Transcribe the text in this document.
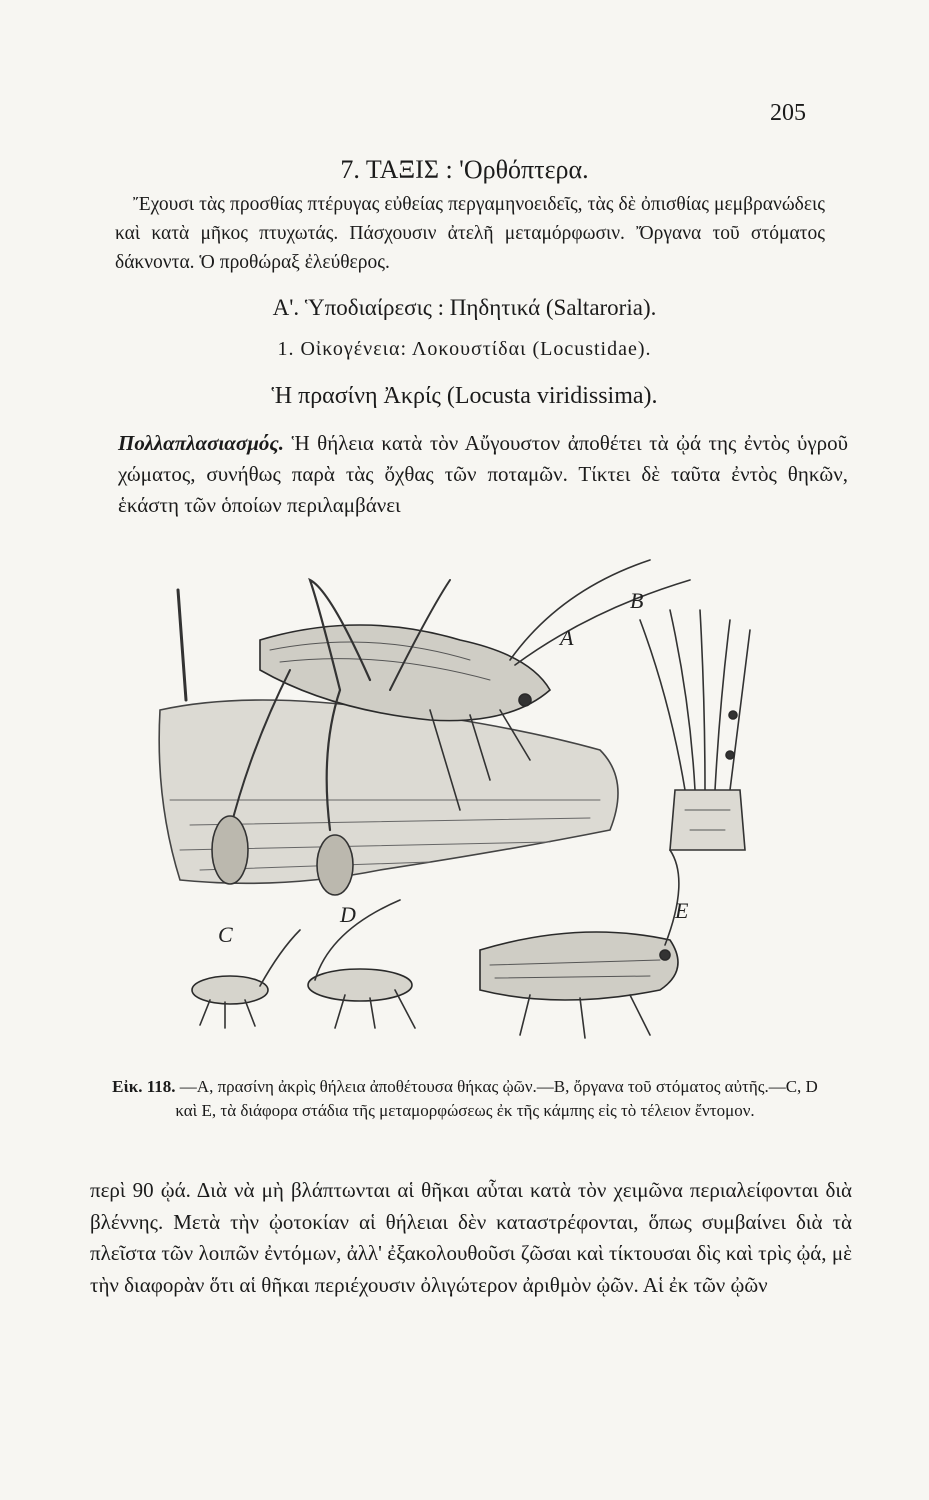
205
7. ΤΑΞΙΣ : 'Ορθόπτερα.

Ἔχουσι τὰς προσθίας πτέρυγας εὐθείας περγαμηνοειδεῖς, τὰς δὲ ὀπισθίας μεμβρανώδεις καὶ κατὰ μῆκος πτυχωτάς. Πάσχουσιν ἀτελῆ μεταμόρφωσιν. Ὄργανα τοῦ στόματος δάκνοντα. Ὁ προθώραξ ἐλεύθερος.

Α'. Ὑποδιαίρεσις : Πηδητικά (Saltaroria).
1. Οἰκογένεια: Λοκουστίδαι (Locustidae).
Ἡ πρασίνη Ἀκρίς (Locusta viridissima).

Πολλαπλασιασμός. Ἡ θήλεια κατὰ τὸν Αὔγουστον ἀποθέτει τὰ ᾠά της ἐντὸς ὑγροῦ χώματος, συνήθως παρὰ τὰς ὄχθας τῶν ποταμῶν. Τίκτει δὲ ταῦτα ἐντὸς θηκῶν, ἑκάστη τῶν ὁποίων περιλαμβάνει

A
B
C
D	E

Εἰκ. 118. —Α, πρασίνη ἀκρὶς θήλεια ἀποθέτουσα θήκας ᾠῶν.—Β, ὄργανα τοῦ στόματος αὐτῆς.—C, D καὶ E, τὰ διάφορα στάδια τῆς μεταμορφώσεως ἐκ τῆς κάμπης εἰς τὸ τέλειον ἔντομον.

περὶ 90 ᾠά. Διὰ νὰ μὴ βλάπτωνται αἱ θῆκαι αὗται κατὰ τὸν χειμῶνα περιαλείφονται διὰ βλέννης. Μετὰ τὴν ᾠοτοκίαν αἱ θήλειαι δὲν καταστρέφονται, ὅπως συμβαίνει διὰ τὰ πλεῖστα τῶν λοιπῶν ἐντόμων, ἀλλ' ἐξακολουθοῦσι ζῶσαι καὶ τίκτουσαι δὶς καὶ τρὶς ᾠά, μὲ τὴν διαφορὰν ὅτι αἱ θῆκαι περιέχουσιν ὀλιγώτερον ἀριθμὸν ᾠῶν. Αἱ ἐκ τῶν ᾠῶν
